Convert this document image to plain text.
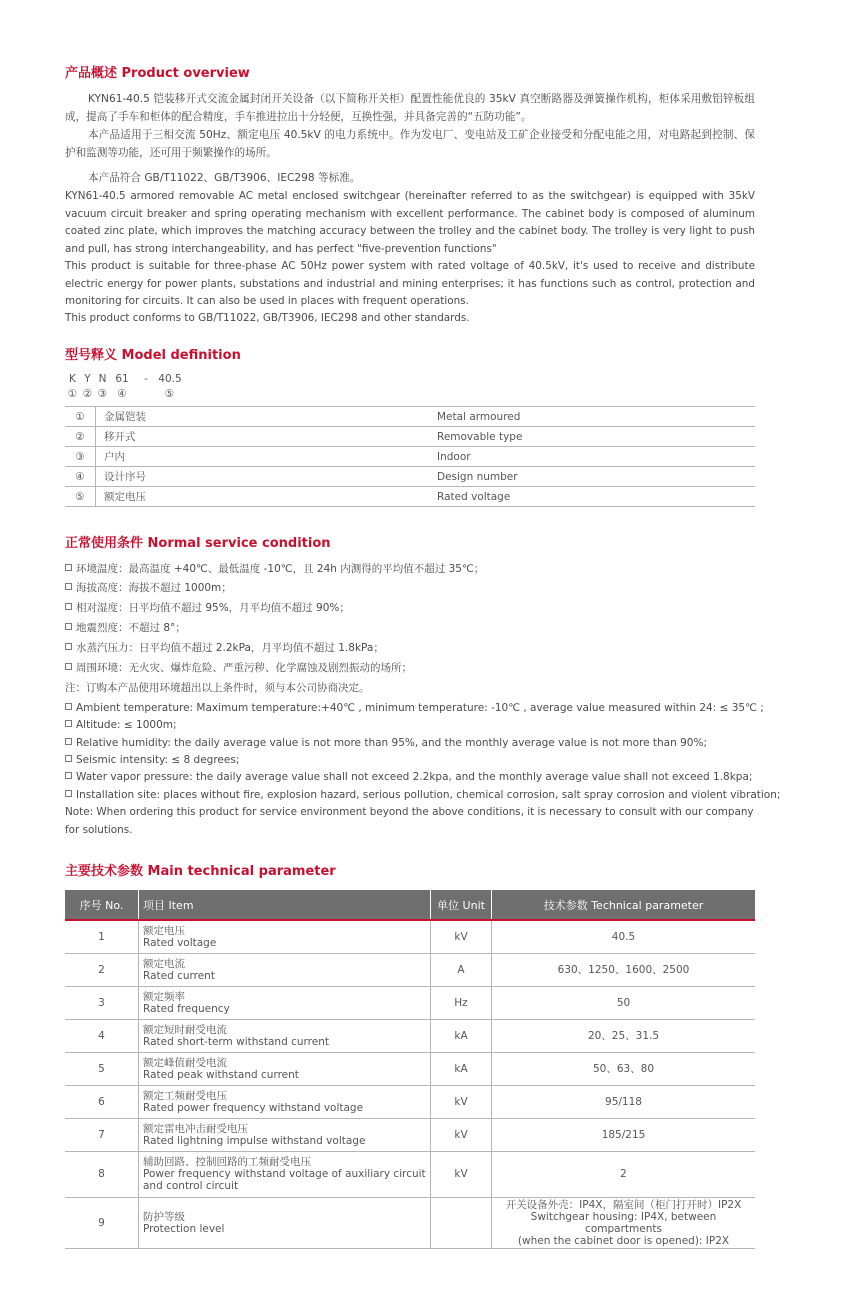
产品概述 Product overview

KYN61-40.5 铠装移开式交流金属封闭开关设备（以下简称开关柜）配置性能优良的 35kV 真空断路器及弹簧操作机构，柜体采用敷铝锌板组成，提高了手车和柜体的配合精度，手车推进拉出十分轻便，互换性强，并具备完善的“五防功能”。

本产品适用于三相交流 50Hz、额定电压 40.5kV 的电力系统中。作为发电厂、变电站及工矿企业接受和分配电能之用，对电路起到控制、保护和监测等功能，还可用于频繁操作的场所。

本产品符合 GB/T11022、GB/T3906、IEC298 等标准。

KYN61-40.5 armored removable AC metal enclosed switchgear (hereinafter referred to as the switchgear) is equipped with 35kV vacuum circuit breaker and spring operating mechanism with excellent performance. The cabinet body is composed of aluminum coated zinc plate, which improves the matching accuracy between the trolley and the cabinet body. The trolley is very light to push and pull, has strong interchangeability, and has perfect "five-prevention functions"

This product is suitable for three-phase AC 50Hz power system with rated voltage of 40.5kV, it's used to receive and distribute electric energy for power plants, substations and industrial and mining enterprises; it has functions such as control, protection and monitoring for circuits. It can also be used in places with frequent operations.

This product conforms to GB/T11022, GB/T3906, IEC298 and other standards.

型号释义 Model definition
K Y N 61 - 40.5
① ② ③ ④	⑤
①	金属铠装	Metal armoured
②	移开式	Removable type
③	户内	Indoor
④	设计序号	Design number
⑤	额定电压	Rated voltage
正常使用条件 Normal service condition
环境温度：最高温度 +40℃、最低温度 -10℃，且 24h 内测得的平均值不超过 35℃；
海拔高度：海拔不超过 1000m；
相对湿度：日平均值不超过 95%，月平均值不超过 90%；
地震烈度：不超过 8°；
水蒸汽压力：日平均值不超过 2.2kPa，月平均值不超过 1.8kPa；
周围环境：无火灾、爆炸危险、严重污秽、化学腐蚀及剧烈振动的场所；
注：订购本产品使用环境超出以上条件时，须与本公司协商决定。
Ambient temperature: Maximum temperature:+40℃ , minimum temperature: -10℃ , average value measured within 24: ≤ 35℃ ;
Altitude: ≤ 1000m;
Relative humidity: the daily average value is not more than 95%, and the monthly average value is not more than 90%;
Seismic intensity: ≤ 8 degrees;
Water vapor pressure: the daily average value shall not exceed 2.2kpa, and the monthly average value shall not exceed 1.8kpa;
Installation site: places without fire, explosion hazard, serious pollution, chemical corrosion, salt spray corrosion and violent vibration;

Note: When ordering this product for service environment beyond the above conditions, it is necessary to consult with our company for solutions.

主要技术参数 Main technical parameter
序号 No.	项目 Item	单位 Unit	技术参数 Technical parameter
1	额定电压
Rated voltage	kV	40.5
2	额定电流
Rated current	A	630、1250、1600、2500
3	额定频率
Rated frequency	Hz	50
4	额定短时耐受电流
Rated short-term withstand current	kA	20、25、31.5
5	额定峰值耐受电流
Rated peak withstand current	kA	50、63、80
6	额定工频耐受电压
Rated power frequency withstand voltage	kV	95/118
7	额定雷电冲击耐受电压
Rated lightning impulse withstand voltage	kV	185/215
8	辅助回路、控制回路的工频耐受电压
Power frequency withstand voltage of auxiliary circuit
and control circuit	kV	2
9	防护等级
Protection level		开关设备外壳：IP4X，隔室间（柜门打开时）IP2X
Switchgear housing: IP4X, between compartments
(when the cabinet door is opened): IP2X
